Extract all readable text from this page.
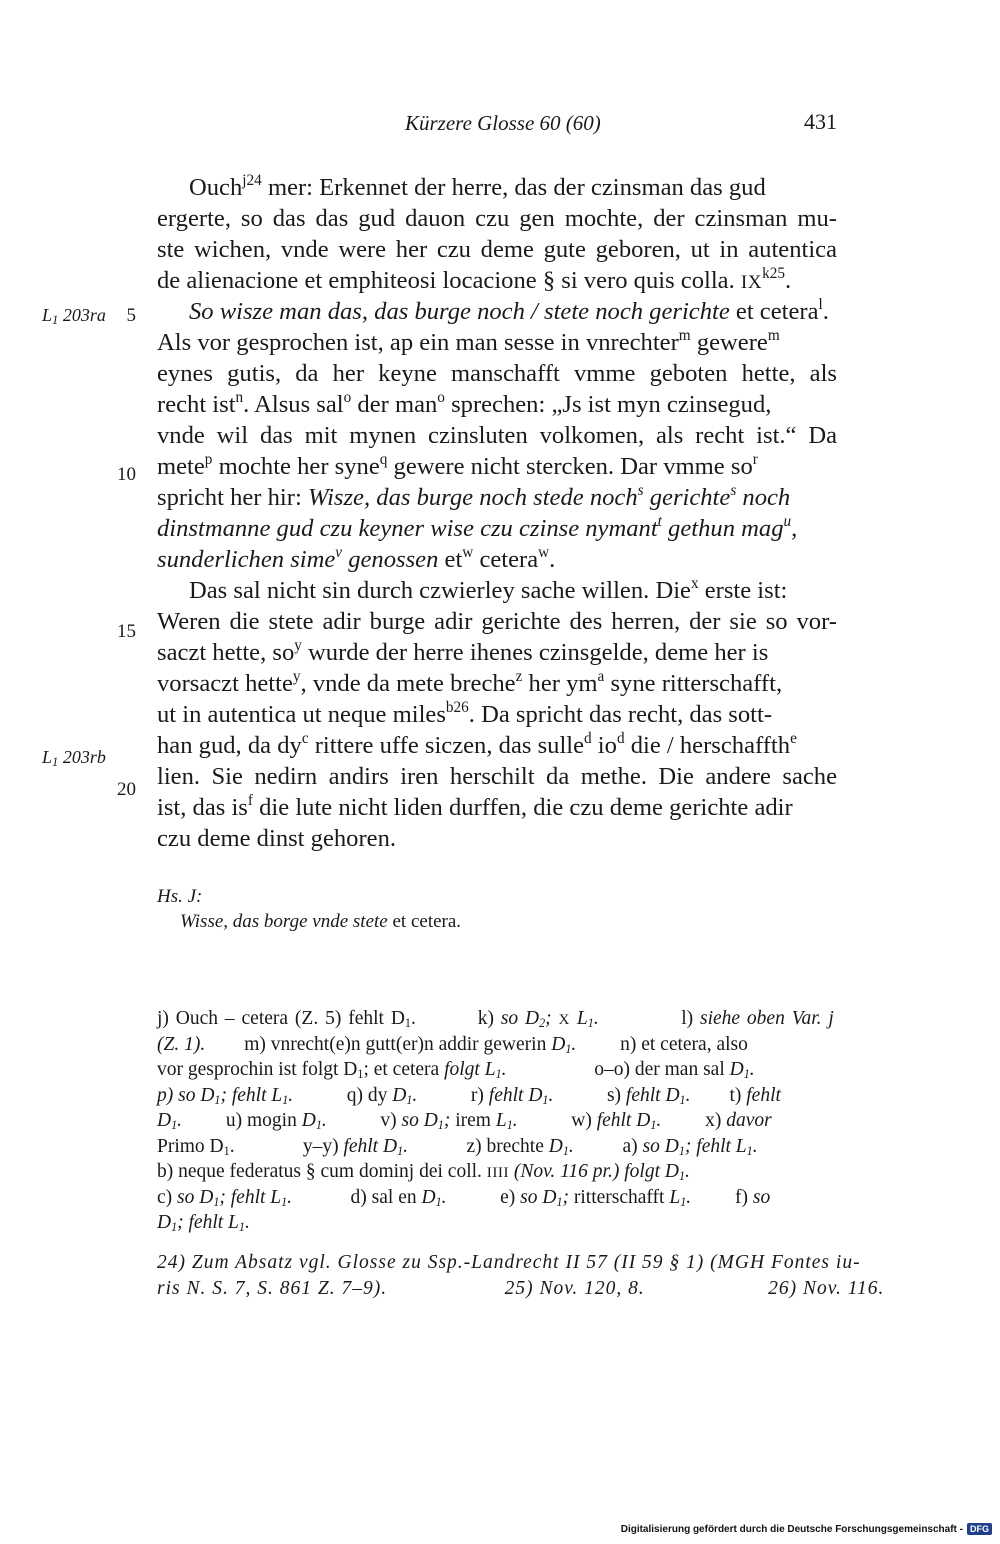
Kürzere Glosse 60 (60)	431
$L_1$ 203ra
$L_1$ 203rb
5
10
15
20
Ouch$^{j24}$ mer: Erkennet der herre, das der czinsman das gud
ergerte, so das das gud dauon czu gen mochte, der czinsman mu-
ste wichen, vnde were her czu deme gute geboren, ut in autentica
de alienacione et emphiteosi locacione § si vero quis colla. $IX^{k25}$.
So wisze man das, das burge noch / stete noch gerichte et cetera$^l$.
Als vor gesprochen ist, ap ein man sesse in vnrechter$^m$ gewere$^m$
eynes gutis, da her keyne manschafft vmme geboten hette, als
recht ist$^n$. Alsus sal$^o$ der man$^o$ sprechen: „Js ist myn czinsegud,
vnde wil das mit mynen czinsluten volkomen, als recht ist.“ Da
mete$^p$ mochte her syne$^q$ gewere nicht stercken. Dar vmme $so^r$
spricht her hir: Wisze, das burge noch stede noch$^s$ gerichte$^s$ noch
dinstmanne gud czu keyner wise czu czinse nymant$^t$ gethun mag$^u$,
sunderlichen sime$^v$ genossen $et^w$ cetera$^w$.
Das sal nicht sin durch czwierley sache willen. Die$^x$ erste ist:
Weren die stete adir burge adir gerichte des herren, der sie so vor-
saczt hette, $so^y$ wurde der herre ihenes czinsgelde, deme her is
vorsaczt hette$^y$, vnde da mete breche$^z$ her $ym^a$ syne ritterschafft,
ut in autentica ut neque miles$^{b26}$. Da spricht das recht, das sott-
han gud, da $dy^c$ rittere uffe siczen, das sulle$^d$ $io^d$ die / herschaffth$^e$
lien. Sie nedirn andirs iren herschilt da methe. Die andere sache
ist, das $is^f$ die lute nicht liden durffen, die czu deme gerichte adir
czu deme dinst gehoren.
Hs. J:
Wisse, das borge vnde stete et cetera.
j) Ouch – cetera (Z. 5) fehlt $D_1$.         k) so $D_2$; X $L_1$.            l) siehe oben Var. j
(Z. 1).        m) vnrecht(e)n gutt(er)n addir gewerin $D_1$.         n) et cetera, also
vor gesprochin ist folgt $D_1$; et cetera folgt $L_1$.                  o–o) der man sal $D_1$.
p) so $D_1$; fehlt $L_1$.           q) dy $D_1$.           r) fehlt $D_1$.           s) fehlt $D_1$.        t) fehlt
$D_1$.         u) mogin $D_1$.           v) so $D_1$; irem $L_1$.           w) fehlt $D_1$.         x) davor
Primo $D_1$.              y–y) fehlt $D_1$.            z) brechte $D_1$.          a) so $D_1$; fehlt $L_1$.
b) neque federatus § cum dominj dei coll. IIII (Nov. 116 pr.) folgt $D_1$.
c) so $D_1$; fehlt $L_1$.            d) sal en $D_1$.           e) so $D_1$; ritterschafft $L_1$.         f) so
$D_1$; fehlt $L_1$.
24) Zum Absatz vgl. Glosse zu Ssp.-Landrecht II 57 (II 59 § 1) (MGH Fontes iu-
ris N. S. 7, S. 861 Z. 7–9).	25) Nov. 120, 8.	26) Nov. 116.
Digitalisierung gefördert durch die Deutsche Forschungsgemeinschaft - DFG
